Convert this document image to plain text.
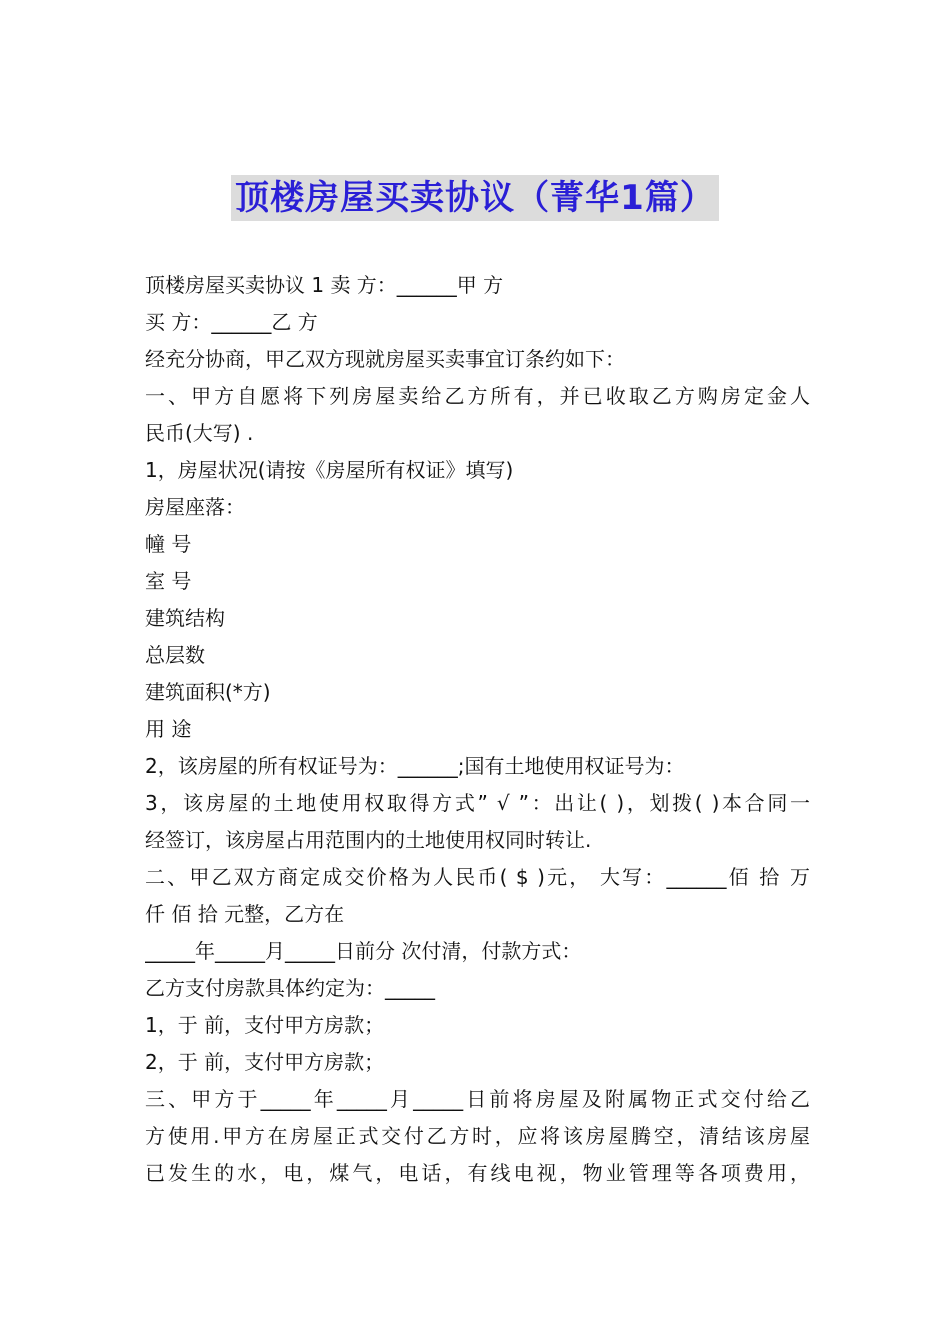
顶楼房屋买卖协议（菁华1篇）
顶楼房屋买卖协议 1 卖 方：______甲 方
买 方：______乙 方
经充分协商，甲乙双方现就房屋买卖事宜订条约如下：
一、甲方自愿将下列房屋卖给乙方所有，并已收取乙方购房定金人
民币(大写) .
1，房屋状况(请按《房屋所有权证》填写)
房屋座落：
幢 号
室 号
建筑结构
总层数
建筑面积(*方)
用 途
2，该房屋的所有权证号为：______;国有土地使用权证号为：
3，该房屋的土地使用权取得方式” √ ”：出让( )，划拨( )本合同一
经签订，该房屋占用范围内的土地使用权同时转让.
二、甲乙双方商定成交价格为人民币( $ )元， 大写：______佰 拾 万
仟 佰 拾 元整，乙方在
_____年_____月_____日前分 次付清，付款方式：
乙方支付房款具体约定为：_____
1，于 前，支付甲方房款；
2，于 前，支付甲方房款；
三、甲方于_____年_____月_____日前将房屋及附属物正式交付给乙
方使用.甲方在房屋正式交付乙方时，应将该房屋腾空，清结该房屋
已发生的水，电，煤气，电话，有线电视，物业管理等各项费用，
